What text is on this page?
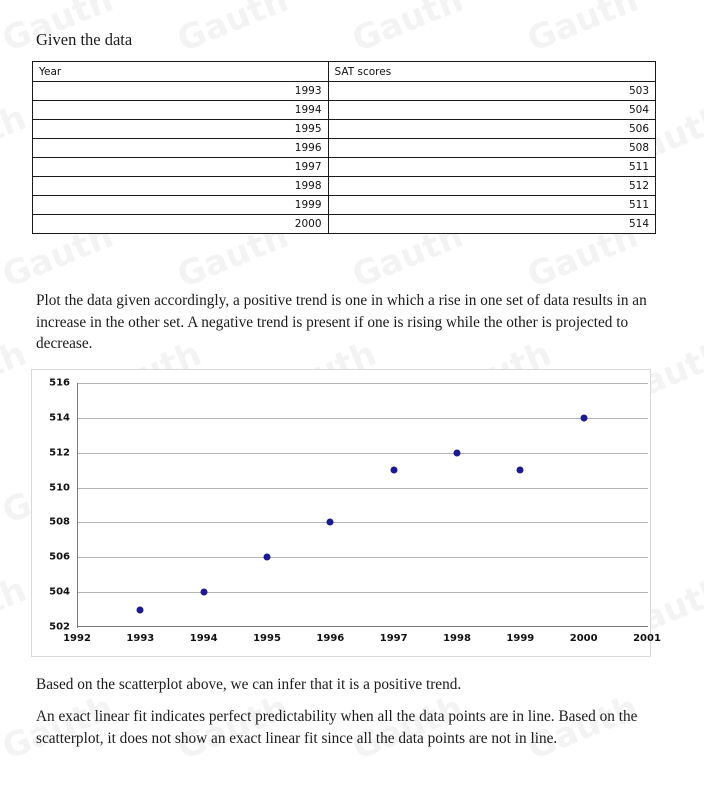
Given the data
Year	SAT scores
1993	503
1994	504
1995	506
1996	508
1997	511
1998	512
1999	511
2000	514
Plot the data given accordingly, a positive trend is one in which a rise in one set of data results in an increase in the other set. A negative trend is present if one is rising while the other is projected to decrease.
502
504
506
508
510
512
514
516
1992	1993	1994	1995	1996	1997	1998	1999	2000	2001
Based on the scatterplot above, we can infer that it is a positive trend.
An exact linear fit indicates perfect predictability when all the data points are in line. Based on the scatterplot, it does not show an exact linear fit since all the data points are not in line.
